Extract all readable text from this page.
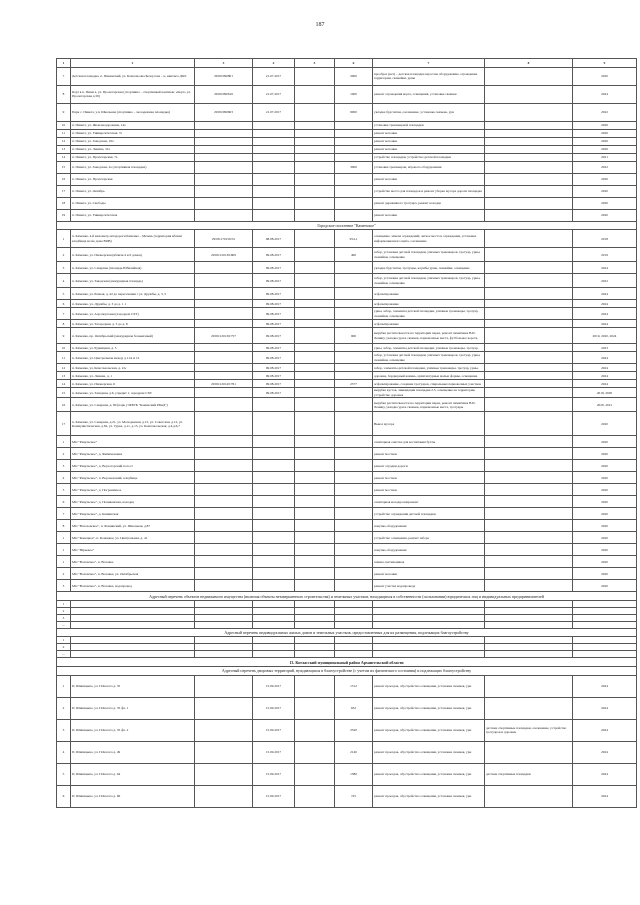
187
1	2	3	4	5	6	7	8	9
7	Детская площадка, п. Пинежский, ул. Комсомолка Белоусова – ц. кинтиса ДОЛ	29:06:090801	21.07.2017		2000	прообраз (нет) – детская площадка взрослая оборудование, ограждение территории, скамейки, урны		2020
8	Корт в п. Пинега, ул. Пролетарская (спортивно – спортивный комплекс «Корт» ул. Пролетарская д.30)	29:06:090616	21.07.2017		1000	ремонт ограждения корта, освещения, установка скамеек		2024
9	Парк с. Пинега, у.п. Школьная (спортивно – молодежная площадка)	29:06:090603	21.07.2017		9000	укладка брусчатки, озеленение, установка скамеек, урн		2022
10	п. Пинега, ул. Железнодорожная, 14а					установка тренажерной площадки		2020
11	п. Пинега, ул. Университетская, 7а					ремонт колонки		2020
12	п. Пинега, ул. Заводская, 19а					ремонт колонки		2020
13	п. Пинега, ул. Ленина, 31а					ремонт колонки		2020
14	п. Пинега, ул. Пролетарская, 7а					устройство площадки, устройство детской площадки		2021
15	п. Пинега, ул. Заводская, 2а (спортивная площадка)				3000	установка тренажеров, игрового оборудования		2022
16	п. Пинега, ул. Пролетарская					ремонт колонки		2020
17	п. Пинега, ул. Октябрь					устройство место для площадок и ремонт уборка мусора дороги площадка		2020
18	п. Пинега, ул. Свободы					ремонт деревянного тротуара, ремонт колодца		2020
19	п. Пинега, ул. Университетская					ремонт колонки		2020
Городское поселение "Каменское"								
1	п. Каменка, 4-й километр автодороги Каменка – Мезень (территория вблизи кладбища возле дома ВОВ)	29:06:170156:52	08.08.2017		954,1	освещение, замена ограждений, четкое места и ограждения, установка информационного щита, озеленение		2018
2	п. Каменка, ул. Пионерская (вблизи 4 и 6 домов)	29:06:120136:609	09.08.2017		400	забор, установка детской площадки, уличных тренажеров, тротуар, урны, скамейки, освещение		2019
3	п. Каменка, ул. Северная (площадь Юбилейная)		09.08.2017			укладка брусчатки, тротуары, клумбы урны, скамейки, освещение		2024
4	п. Каменка, ул. Заводская (межурядная площадь)		09.08.2017			забор, установка детской площадки, уличных тренажеров, тротуар, урны, скамейки, освещение		2022
5	п. Каменка, ул. Речная, д. 42 до пересечения с ул. Дружбы, д. 3, 5		09.08.2017			асфальтирование		2024
6	п. Каменка, ул. Дружбы, д. 3 до д. 1 1		09.08.2017			асфальтирование		2024
7	п. Каменка, ул. Аэропортовая (аэродром СХТ)		09.08.2017			урны, забор, элементы детской площадки, уличные тренажеры, тротуар, скамейки, освещение		2024
8	п. Каменка, ул. Загородная, д. 3 до д. 8		09.08.2017			асфальтирование		2024
9	п. Каменка, пр. Октябрьский (межурядная больничный)	29:06:120136:757	09.08.2017		900	вырубка растительности на территории парка, ремонт памятника В.И. Ленину, укладка урн и скамеек, парковочные места, футбольное ворота,		2019, 2020, 2024
10	п. Каменка, ул. Рудницкая, д. 5		09.08.2017			урны, забор, элементы детской площадки, уличные тренажеры, тротуар,		2023
11	п. Каменка, ул. Центральная между д.11А и 12		09.08.2017			забор, установка детской площадки, уличных тренажеров, тротуар, урны, скамейки, освещение		2024
12	п. Каменка, ул. Комсомольская, д. 2А		09.08.2017			забор, элементы детской площадки, уличные тренажеры, тротуар, урны,		2024
13	п. Каменка, ул. Ленина, д. 1		09.08.2017			дорожка, бордюрный камень, архитектурные малые формы, освещение		2024
14	п. Каменка, ул. Пионерская, 6	29:06:120120:761	09.08.2017		2377	асфальтирование, создание тротуаров, спиральных парковочных участков		2024
15	п. Каменка, ул. Западная, д.6, учредит 1, аэродром СХТ		09.08.2017			вырубка кустов, ликвидация площадки 2.3, освещение на территории, устройство дорожек		2019, 2020
16	п. Каменка, ул. Северная, д. 80 (парк у МБУК "Каменский РКиД")					вырубка растительности на территории парка, ремонт памятника В.И. Ленину, укладка урн и скамеек, парковочные места, тротуары		2020, 2021
17	п. Каменка, ул. Северная, д.21, ул. Молодежная, д.15, ул. Советская, д.12, ул. Коммунистическая, д.62, ул. Турка, д.11, д.15, ул. Комсомольская, д.4,д.6,7					Вывоз мусора		2020
1	МО "Ракульское"					санитарная очистка для воспитания бухты		2020
2	МО "Ракульское", д. Филимоновка					ремонт мостков		2020
3	МО "Ракульское", д. Ворзогорский погост					ремонт оградки дороги		2020
4	МО "Ракульское", п. Вороновский, кладбище					ремонт мостков		2020
5	МО "Ракульское", д. Пограничное					ремонт мостков		2020
6	МО "Ракульское", д. Поливанская, колодец					санитарная колодца капремонт		2020
7	МО "Ракульское", д. Кашинская					устройство ограждения детской площадки		2020
8	МО "Ватоловское", п. Фоминский, ул. Школьная, д.87					покупка оборудования		2020
1	МО "Конецкое", п. Конецкое, ул. Центральная, д. 41					устройство освещения, ремонт забора		2020
1	МО "Юрьевое"					покупка оборудования		2020
1	МО "Воловское", п. Воловка					замена светильников		2020
2	МО "Воловское", п. Воловка, ул. Октябрьская					ремонт колонки		2020
3	МО "Воловское", п. Воловка, водопровод					ремонт участка водопровода		2020
Адресный перечень объектов недвижимого имущества (включая объекты незавершенного строительства) и земельных участков, находящихся в собственности (пользовании) юридических лиц и индивидуальных предпринимателей								
1								
2								
3								
…								
Адресный перечень индивидуальных жилых домов и земельных участков, предоставленных для их размещения, подлежащих благоустройству								
1								
2								
…								
13. Котласский муниципальный район Архангельской области								
Адресный перечень дворовых территорий, нуждающихся в благоустройстве (с учетом их физического состояния) и подлежащих благоустройству								
1	П. Шипицыно, ул. П.Колога д. 35		15.09.2017		1312	ремонт проездов, обустройство освещения, установка скамеек, урн		2024
2	П. Шипицыно, ул. П.Колога д. 35 фл. 1		15.09.2017		632	ремонт проездов, обустройство освещения, установка скамеек, урн		2024
3	П. Шипицыно, ул. П.Колога д. 35 фл. 2		15.09.2017		2320	ремонт проездов, обустройство освещения, установка скамеек, урн	детские спортивные площадки, озеленение, устройство тротуаров и дорожек	2024
4	П. Шипицыно, ул. П.Колога д. 49		15.09.2017		2140	ремонт проездов, обустройство освещения, установка скамеек, урн		2024
5	П. Шипицыно, ул. П.Колога д. 64		15.09.2017		1380	ремонт проездов, обустройство освещения, установка скамеек, урн	детские спортивные площадки	2024
6	П. Шипицыно, ул. П.Колога д. 66		15.09.2017		725	ремонт проездов, обустройство освещения, установка скамеек, урн		2024
